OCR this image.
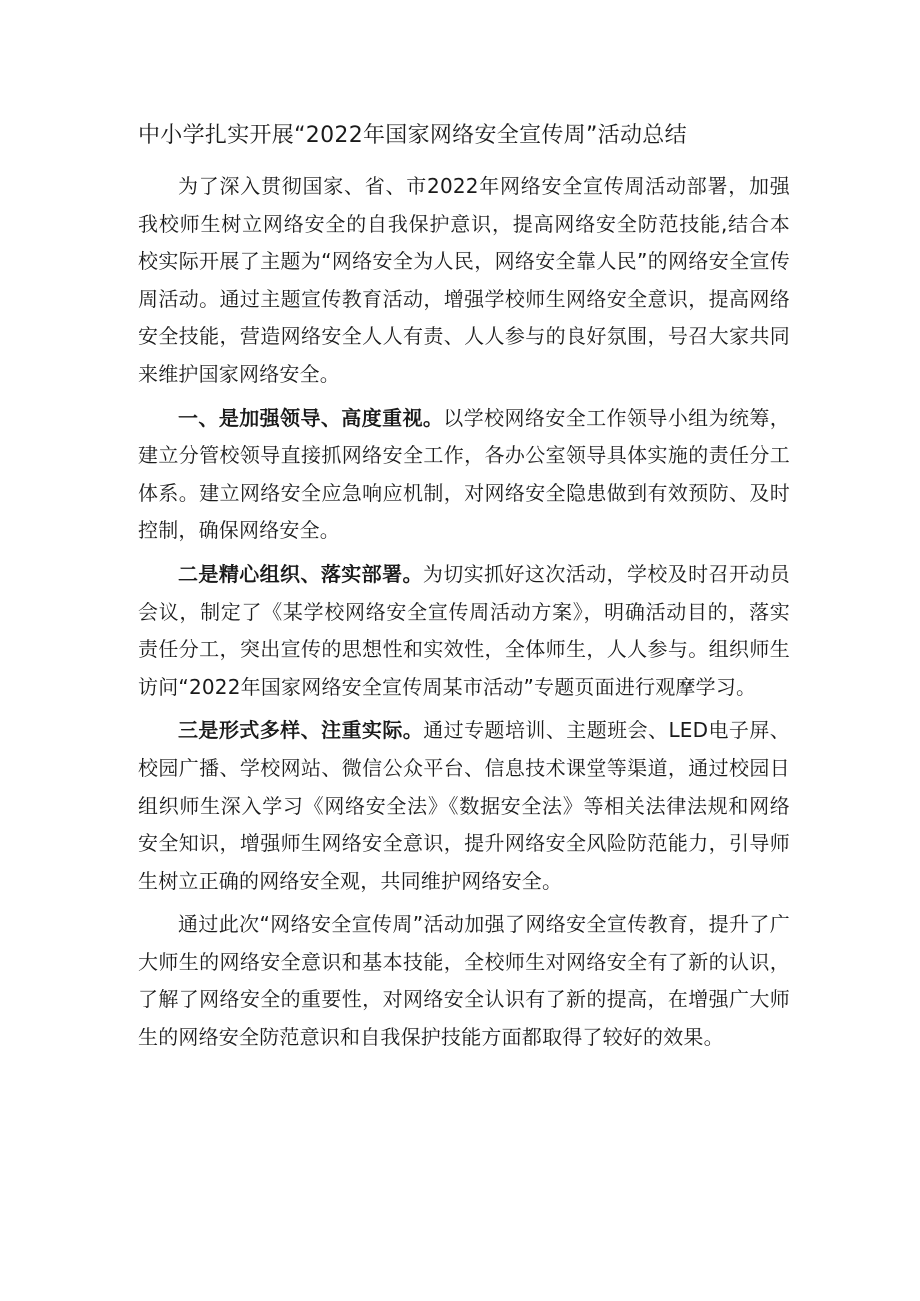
中小学扎实开展“2022年国家网络安全宣传周”活动总结

为了深入贯彻国家、省、市2022年网络安全宣传周活动部署，加强我校师生树立网络安全的自我保护意识，提高网络安全防范技能,结合本校实际开展了主题为“网络安全为人民，网络安全靠人民”的网络安全宣传周活动。通过主题宣传教育活动，增强学校师生网络安全意识，提高网络安全技能，营造网络安全人人有责、人人参与的良好氛围，号召大家共同来维护国家网络安全。

一、是加强领导、高度重视。以学校网络安全工作领导小组为统筹，建立分管校领导直接抓网络安全工作，各办公室领导具体实施的责任分工体系。建立网络安全应急响应机制，对网络安全隐患做到有效预防、及时控制，确保网络安全。

二是精心组织、落实部署。为切实抓好这次活动，学校及时召开动员会议，制定了《某学校网络安全宣传周活动方案》，明确活动目的，落实责任分工，突出宣传的思想性和实效性，全体师生，人人参与。组织师生访问“2022年国家网络安全宣传周某市活动”专题页面进行观摩学习。

三是形式多样、注重实际。通过专题培训、主题班会、LED电子屏、校园广播、学校网站、微信公众平台、信息技术课堂等渠道，通过校园日组织师生深入学习《网络安全法》《数据安全法》等相关法律法规和网络安全知识，增强师生网络安全意识，提升网络安全风险防范能力，引导师生树立正确的网络安全观，共同维护网络安全。

通过此次“网络安全宣传周”活动加强了网络安全宣传教育，提升了广大师生的网络安全意识和基本技能，全校师生对网络安全有了新的认识，了解了网络安全的重要性，对网络安全认识有了新的提高，在增强广大师生的网络安全防范意识和自我保护技能方面都取得了较好的效果。
